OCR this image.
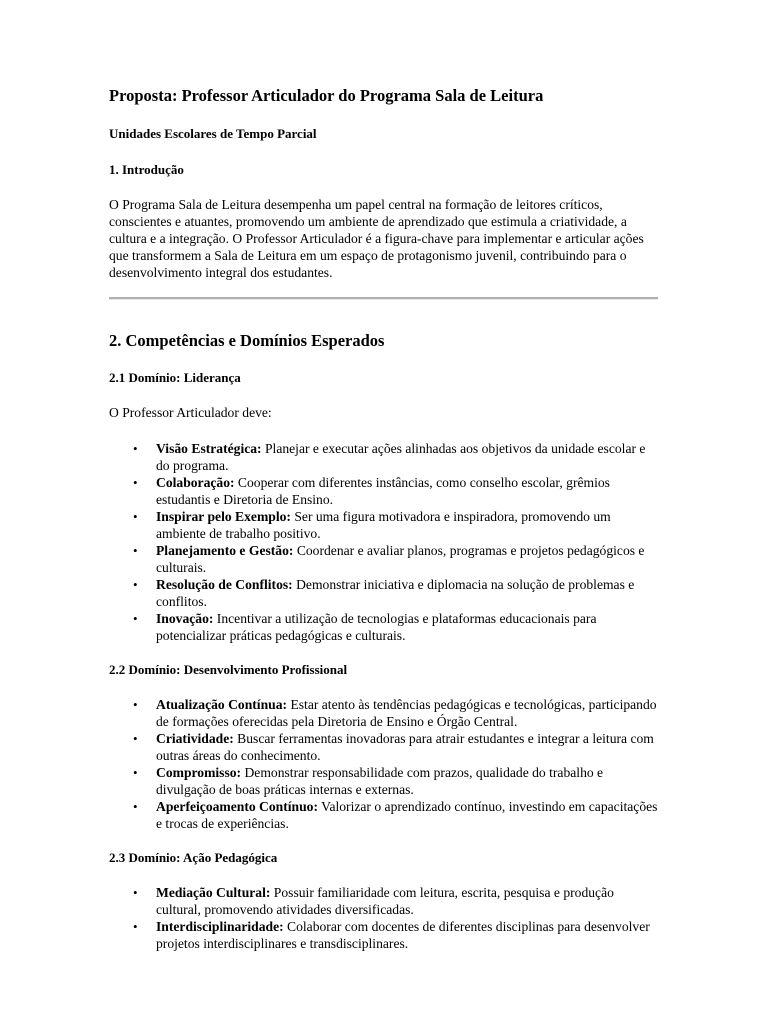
Proposta: Professor Articulador do Programa Sala de Leitura
Unidades Escolares de Tempo Parcial
1. Introdução

O Programa Sala de Leitura desempenha um papel central na formação de leitores críticos, conscientes e atuantes, promovendo um ambiente de aprendizado que estimula a criatividade, a cultura e a integração. O Professor Articulador é a figura-chave para implementar e articular ações que transformem a Sala de Leitura em um espaço de protagonismo juvenil, contribuindo para o desenvolvimento integral dos estudantes.

2. Competências e Domínios Esperados
2.1 Domínio: Liderança

O Professor Articulador deve:

• Visão Estratégica: Planejar e executar ações alinhadas aos objetivos da unidade escolar e do programa.
• Colaboração: Cooperar com diferentes instâncias, como conselho escolar, grêmios estudantis e Diretoria de Ensino.
• Inspirar pelo Exemplo: Ser uma figura motivadora e inspiradora, promovendo um ambiente de trabalho positivo.
• Planejamento e Gestão: Coordenar e avaliar planos, programas e projetos pedagógicos e culturais.
• Resolução de Conflitos: Demonstrar iniciativa e diplomacia na solução de problemas e conflitos.
• Inovação: Incentivar a utilização de tecnologias e plataformas educacionais para potencializar práticas pedagógicas e culturais.
2.2 Domínio: Desenvolvimento Profissional
• Atualização Contínua: Estar atento às tendências pedagógicas e tecnológicas, participando de formações oferecidas pela Diretoria de Ensino e Órgão Central.
• Criatividade: Buscar ferramentas inovadoras para atrair estudantes e integrar a leitura com outras áreas do conhecimento.
• Compromisso: Demonstrar responsabilidade com prazos, qualidade do trabalho e divulgação de boas práticas internas e externas.
• Aperfeiçoamento Contínuo: Valorizar o aprendizado contínuo, investindo em capacitações e trocas de experiências.
2.3 Domínio: Ação Pedagógica
• Mediação Cultural: Possuir familiaridade com leitura, escrita, pesquisa e produção cultural, promovendo atividades diversificadas.
• Interdisciplinaridade: Colaborar com docentes de diferentes disciplinas para desenvolver projetos interdisciplinares e transdisciplinares.
